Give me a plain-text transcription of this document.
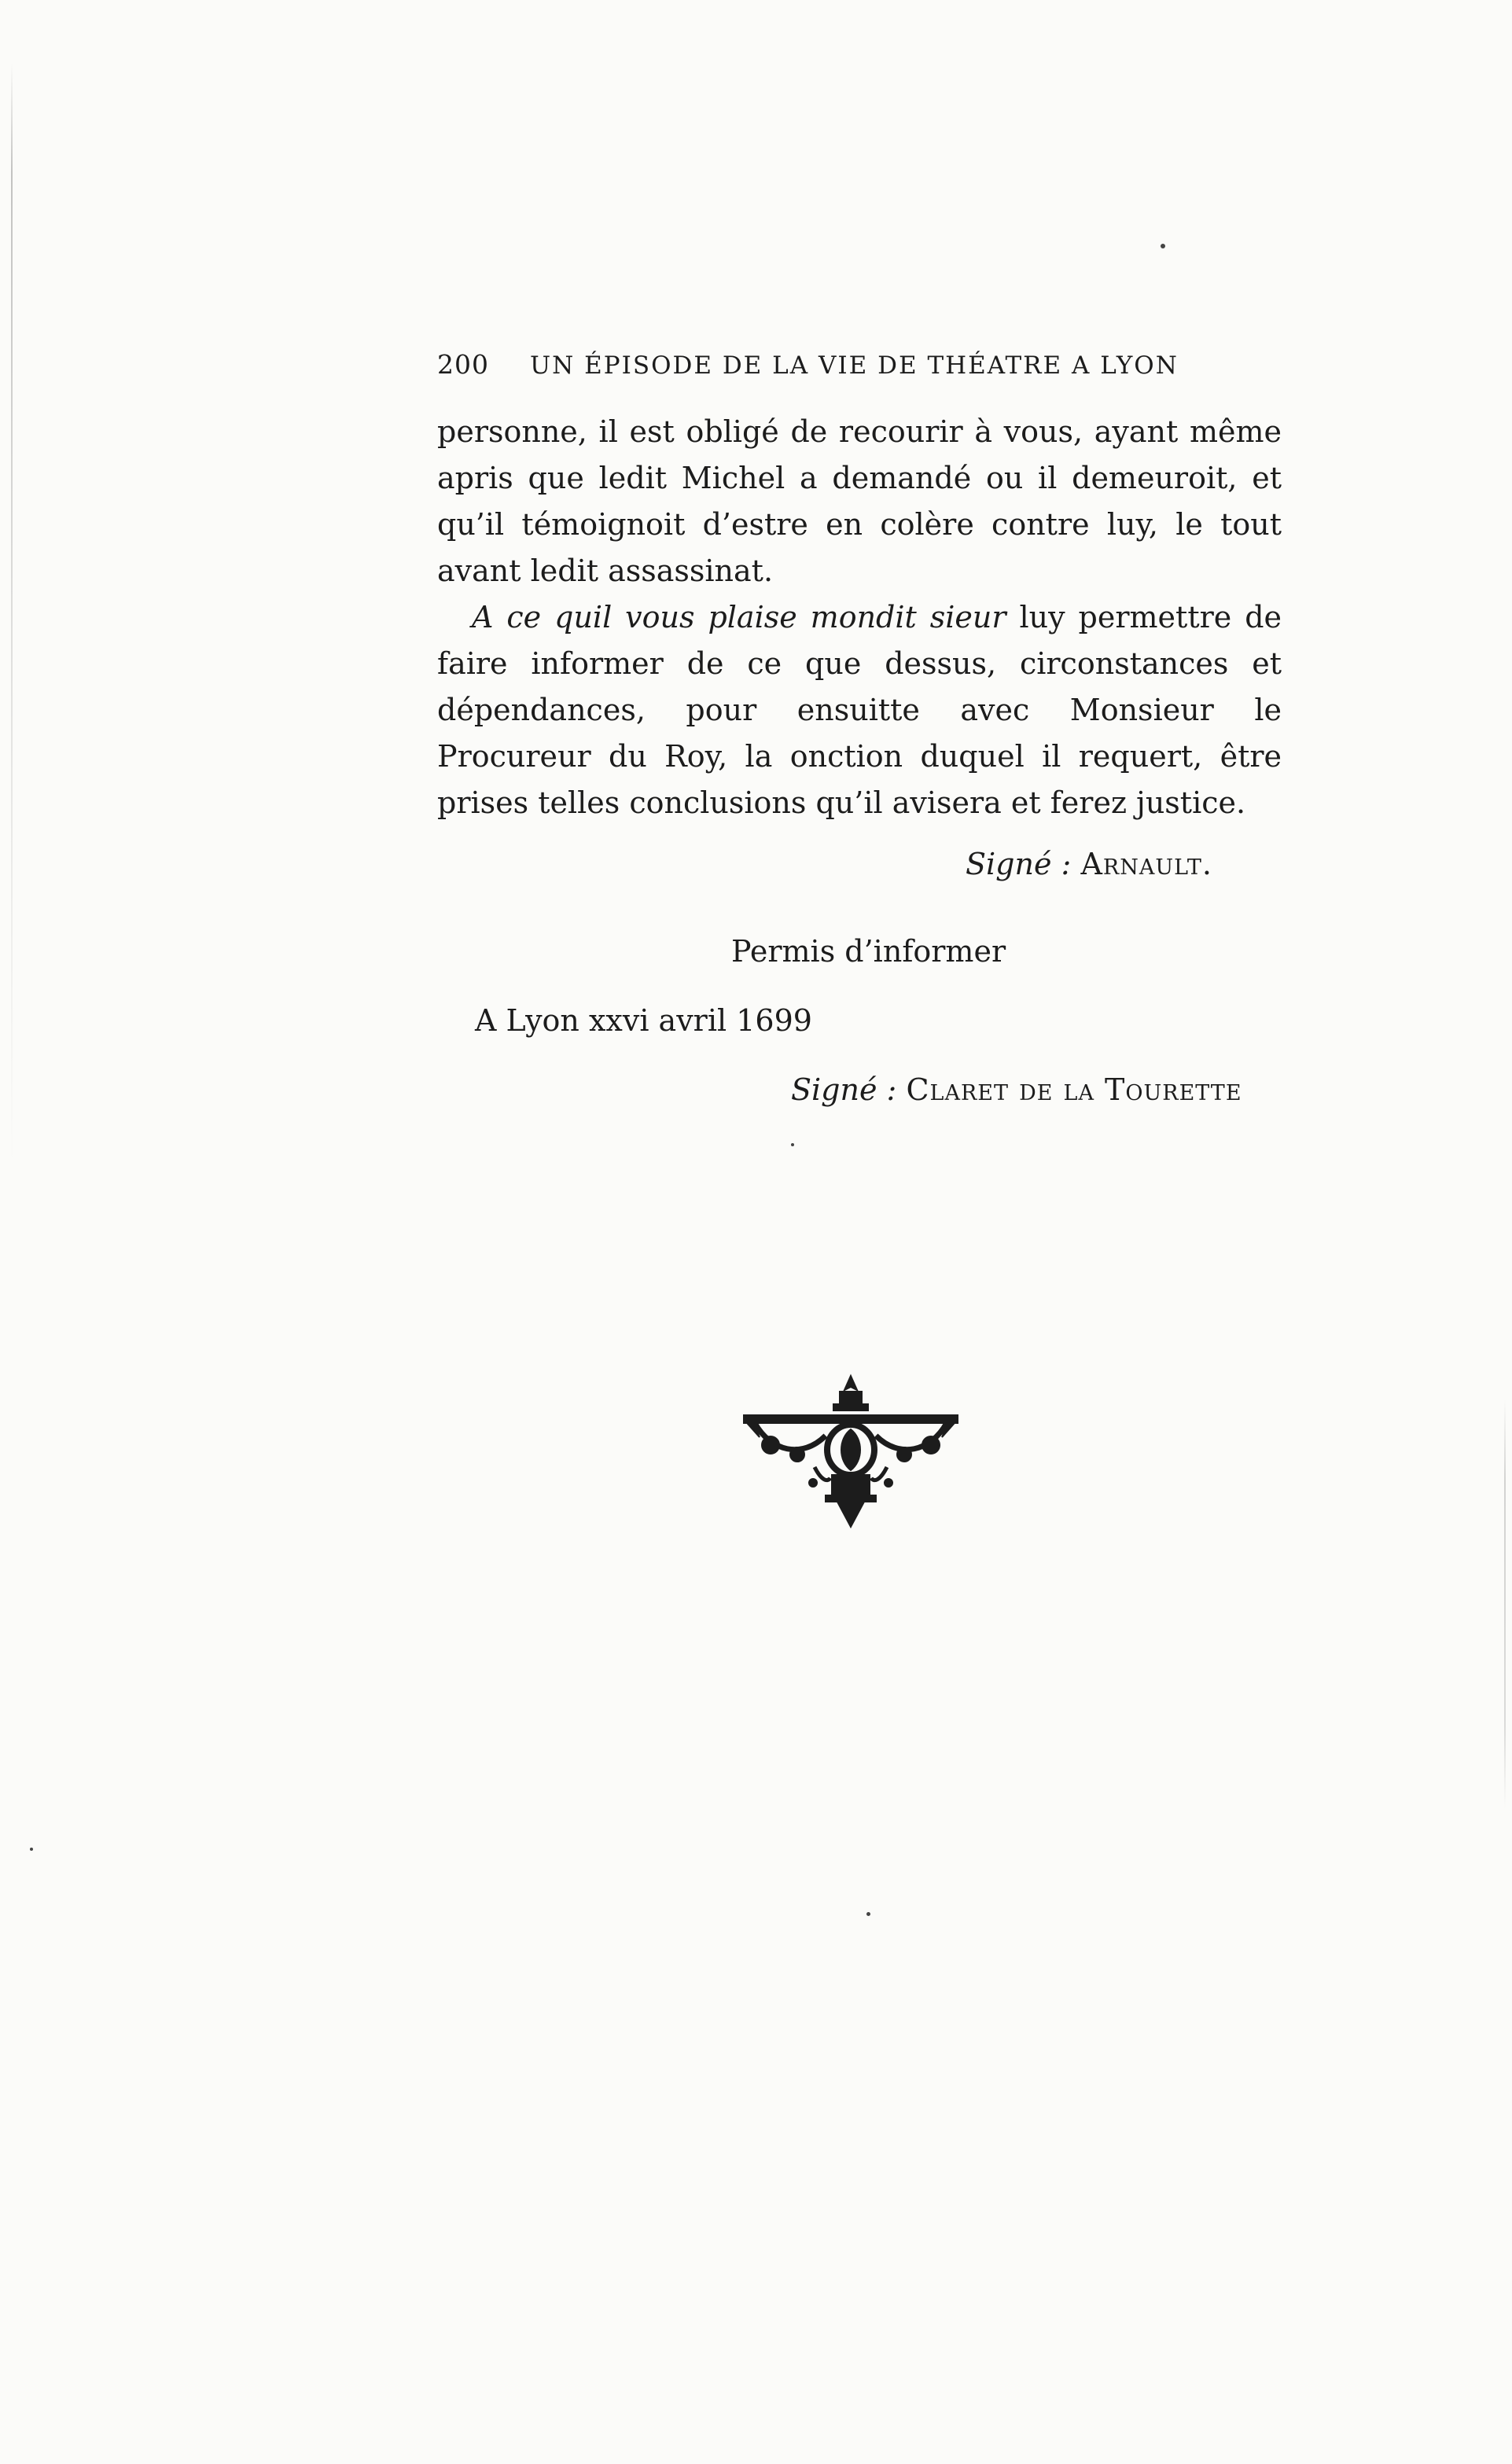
200 UN ÉPISODE DE LA VIE DE THÉATRE A LYON

personne, il est obligé de recourir à vous, ayant même apris que ledit Michel a demandé ou il demeuroit, et qu’il témoignoit d’estre en colère contre luy, le tout avant ledit assassinat.

A ce quil vous plaise mondit sieur luy permettre de faire informer de ce que dessus, circonstances et dépendances, pour ensuitte avec Monsieur le Procureur du Roy, la onction duquel il requert, être prises telles conclusions qu’il avisera et ferez justice.

Signé : Arnault.
Permis d’informer
A Lyon xxvi avril 1699
Signé : Claret de la Tourette
